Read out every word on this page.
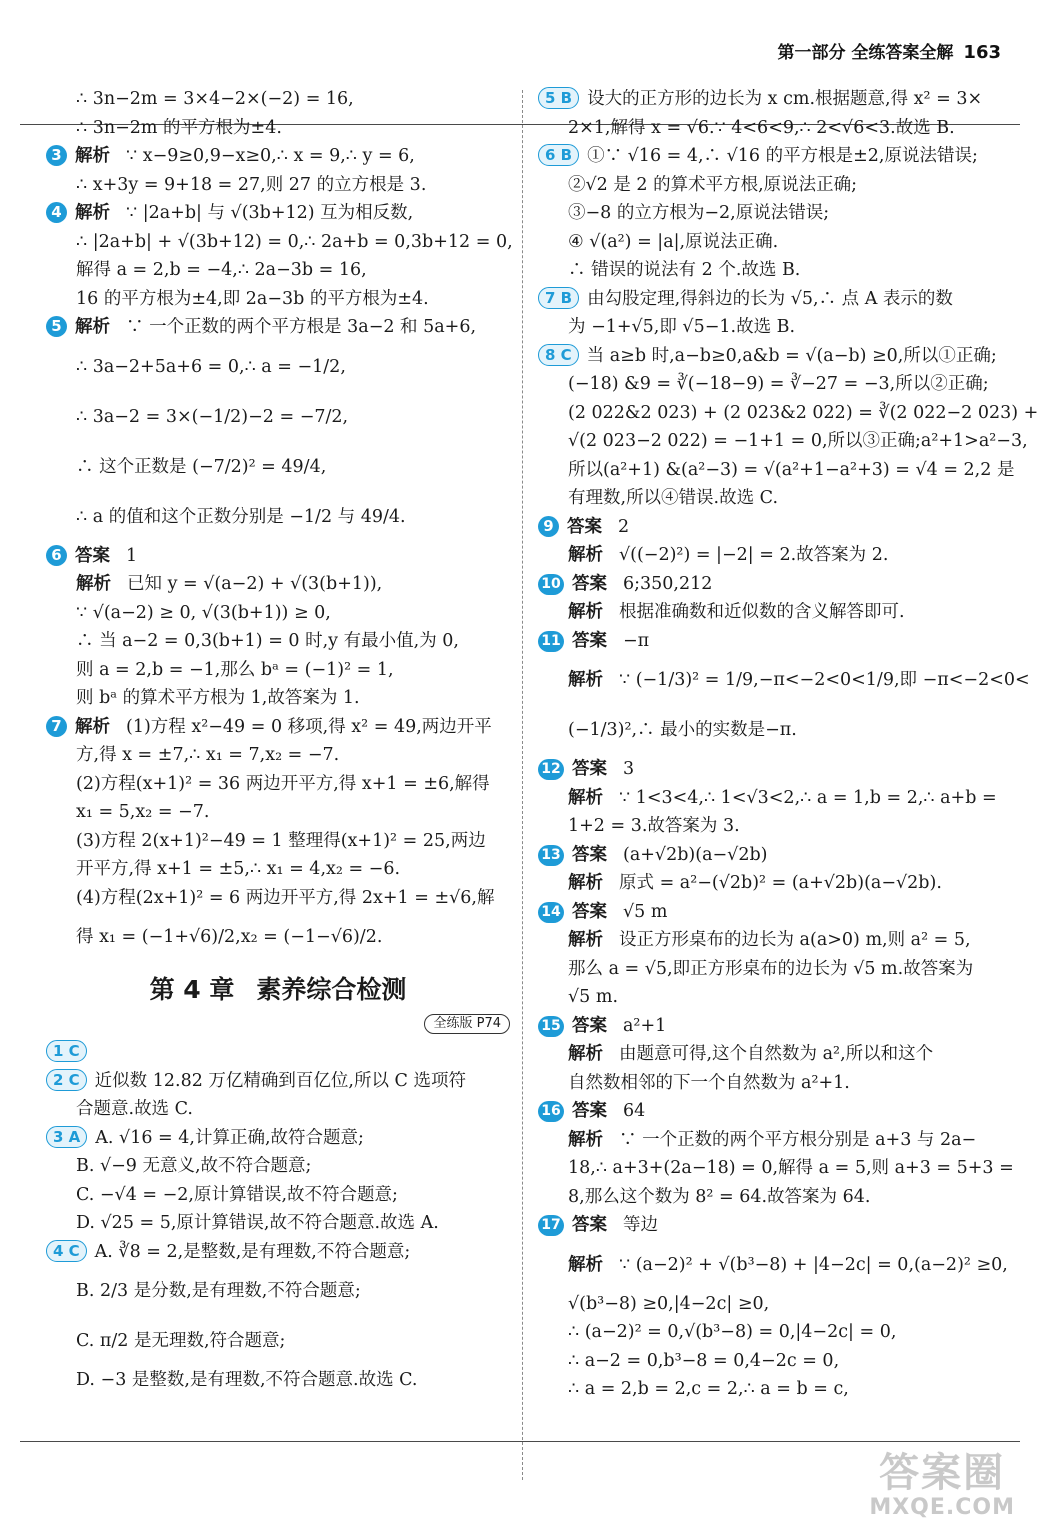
第一部分 全练答案全解 163
∴ 3n−2m = 3×4−2×(−2) = 16,
∴ 3n−2m 的平方根为±4.
3 解析 ∵ x−9≥0,9−x≥0,∴ x = 9,∴ y = 6,
∴ x+3y = 9+18 = 27,则 27 的立方根是 3.
4 解析 ∵ |2a+b| 与 √(3b+12) 互为相反数,
∴ |2a+b| + √(3b+12) = 0,∴ 2a+b = 0,3b+12 = 0,
解得 a = 2,b = −4,∴ 2a−3b = 16,
16 的平方根为±4,即 2a−3b 的平方根为±4.
5 解析 ∵ 一个正数的两个平方根是 3a−2 和 5a+6,
∴ 3a−2+5a+6 = 0,∴ a = −1/2,
∴ 3a−2 = 3×(−1/2)−2 = −7/2,
∴ 这个正数是 (−7/2)² = 49/4,
∴ a 的值和这个正数分别是 −1/2 与 49/4.
6 答案 1
解析 已知 y = √(a−2) + √(3(b+1)),
∵ √(a−2) ≥ 0, √(3(b+1)) ≥ 0,
∴ 当 a−2 = 0,3(b+1) = 0 时,y 有最小值,为 0,
则 a = 2,b = −1,那么 bᵃ = (−1)² = 1,
则 bᵃ 的算术平方根为 1,故答案为 1.
7 解析 (1)方程 x²−49 = 0 移项,得 x² = 49,两边开平
方,得 x = ±7,∴ x₁ = 7,x₂ = −7.
(2)方程(x+1)² = 36 两边开平方,得 x+1 = ±6,解得
x₁ = 5,x₂ = −7.
(3)方程 2(x+1)²−49 = 1 整理得(x+1)² = 25,两边
开平方,得 x+1 = ±5,∴ x₁ = 4,x₂ = −6.
(4)方程(2x+1)² = 6 两边开平方,得 2x+1 = ±√6,解
得 x₁ = (−1+√6)/2,x₂ = (−1−√6)/2.
第 4 章 素养综合检测
全练版 P74
1 C
2 C 近似数 12.82 万亿精确到百亿位,所以 C 选项符
合题意.故选 C.
3 A A. √16 = 4,计算正确,故符合题意;
B. √−9 无意义,故不符合题意;
C. −√4 = −2,原计算错误,故不符合题意;
D. √25 = 5,原计算错误,故不符合题意.故选 A.
4 C A. ∛8 = 2,是整数,是有理数,不符合题意;
B. 2/3 是分数,是有理数,不符合题意;
C. π/2 是无理数,符合题意;
D. −3 是整数,是有理数,不符合题意.故选 C.
5 B 设大的正方形的边长为 x cm.根据题意,得 x² = 3×
2×1,解得 x = √6.∵ 4<6<9,∴ 2<√6<3.故选 B.
6 B ①∵ √16 = 4,∴ √16 的平方根是±2,原说法错误;
②√2 是 2 的算术平方根,原说法正确;
③−8 的立方根为−2,原说法错误;
④ √(a²) = |a|,原说法正确.
∴ 错误的说法有 2 个.故选 B.
7 B 由勾股定理,得斜边的长为 √5,∴ 点 A 表示的数
为 −1+√5,即 √5−1.故选 B.
8 C 当 a≥b 时,a−b≥0,a&b = √(a−b) ≥0,所以①正确;
(−18) &9 = ∛(−18−9) = ∛−27 = −3,所以②正确;
(2 022&2 023) + (2 023&2 022) = ∛(2 022−2 023) +
√(2 023−2 022) = −1+1 = 0,所以③正确;a²+1>a²−3,
所以(a²+1) &(a²−3) = √(a²+1−a²+3) = √4 = 2,2 是
有理数,所以④错误.故选 C.
9 答案 2
解析 √((−2)²) = |−2| = 2.故答案为 2.
10 答案 6;350,212
解析 根据准确数和近似数的含义解答即可.
11 答案 −π
解析 ∵ (−1/3)² = 1/9,−π<−2<0<1/9,即 −π<−2<0<
(−1/3)²,∴ 最小的实数是−π.
12 答案 3
解析 ∵ 1<3<4,∴ 1<√3<2,∴ a = 1,b = 2,∴ a+b =
1+2 = 3.故答案为 3.
13 答案 (a+√2b)(a−√2b)
解析 原式 = a²−(√2b)² = (a+√2b)(a−√2b).
14 答案 √5 m
解析 设正方形桌布的边长为 a(a>0) m,则 a² = 5,
那么 a = √5,即正方形桌布的边长为 √5 m.故答案为
√5 m.
15 答案 a²+1
解析 由题意可得,这个自然数为 a²,所以和这个
自然数相邻的下一个自然数为 a²+1.
16 答案 64
解析 ∵ 一个正数的两个平方根分别是 a+3 与 2a−
18,∴ a+3+(2a−18) = 0,解得 a = 5,则 a+3 = 5+3 =
8,那么这个数为 8² = 64.故答案为 64.
17 答案 等边
解析 ∵ (a−2)² + √(b³−8) + |4−2c| = 0,(a−2)² ≥0,
√(b³−8) ≥0,|4−2c| ≥0,
∴ (a−2)² = 0,√(b³−8) = 0,|4−2c| = 0,
∴ a−2 = 0,b³−8 = 0,4−2c = 0,
∴ a = 2,b = 2,c = 2,∴ a = b = c,
答案圈
MXQE.COM
